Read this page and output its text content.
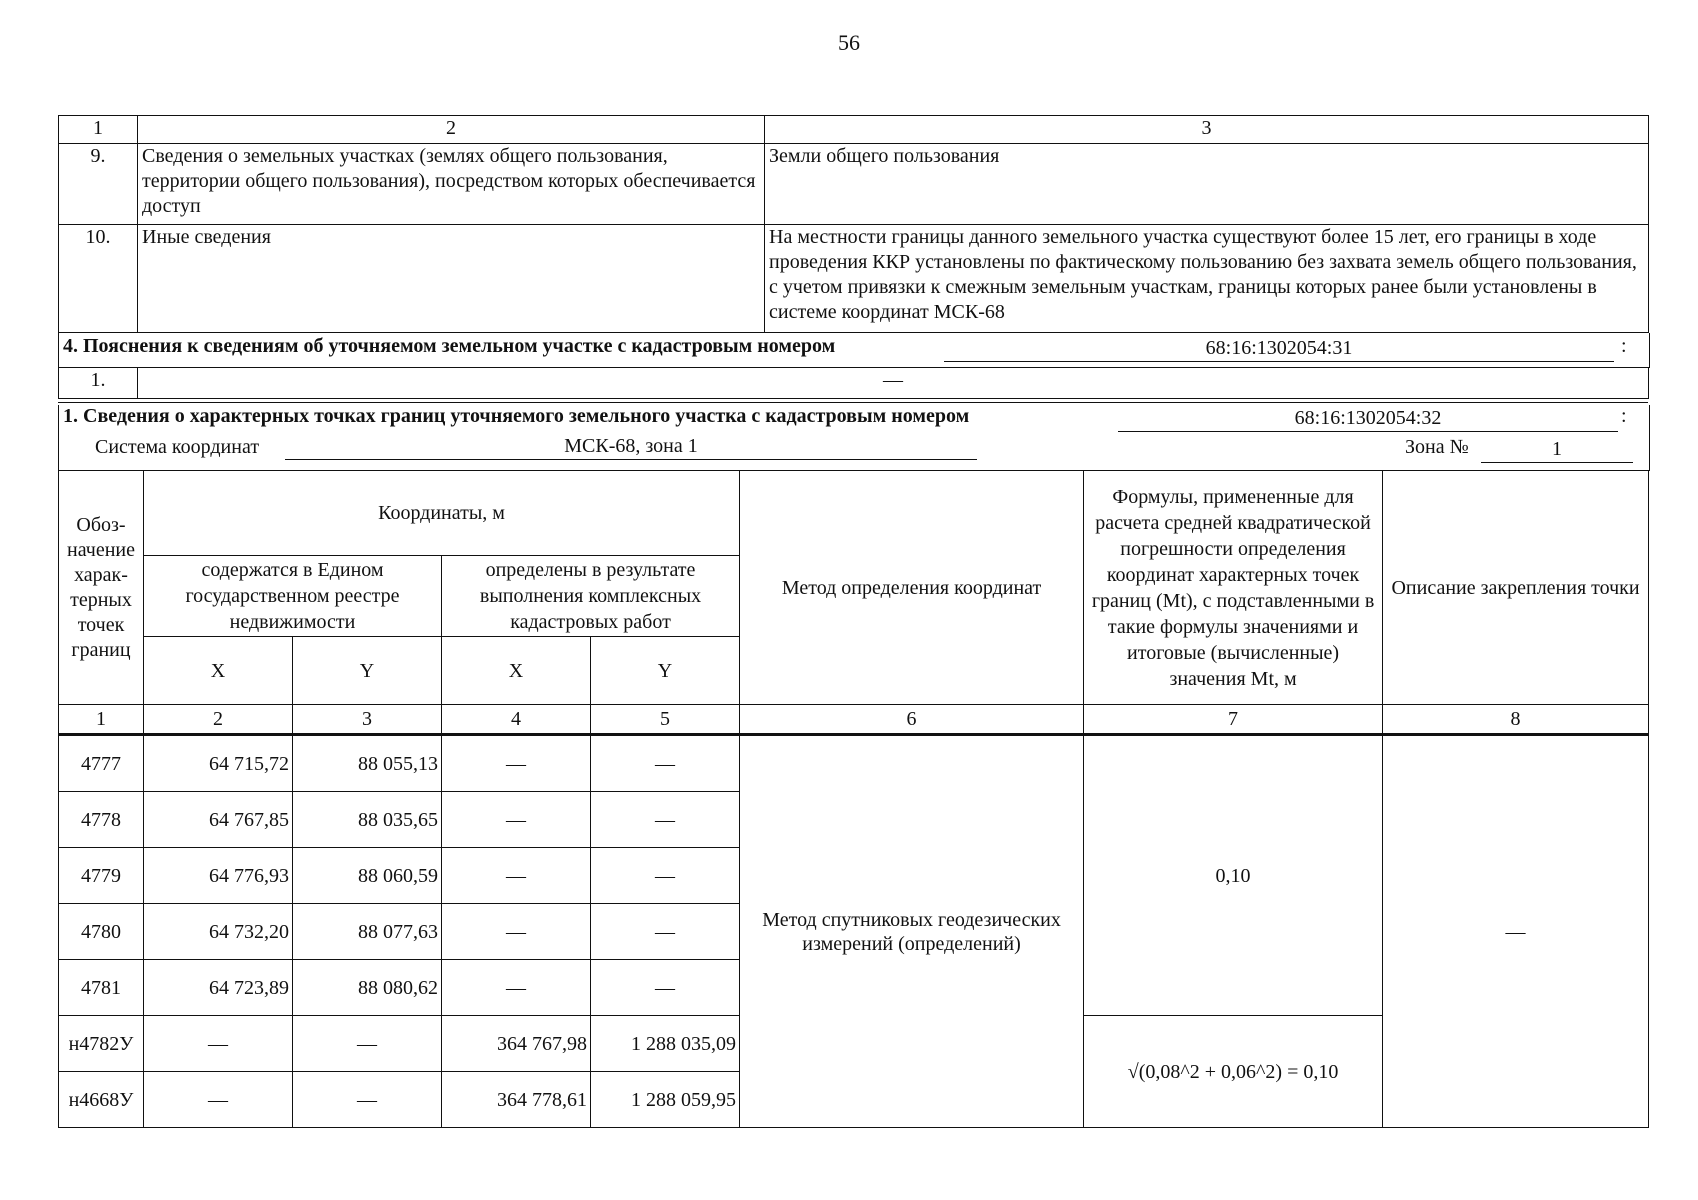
56
1	2	3
9.	Сведения о земельных участках (землях общего пользования, территории общего пользования), посредством которых обеспечивается доступ	Земли общего пользования
10.	Иные сведения	На местности границы данного земельного участка существуют более 15 лет, его границы в ходе проведения ККР установлены по фактическому пользованию без захвата земель общего пользования, с учетом привязки к смежным земельным участкам, границы которых ранее были установлены в системе координат МСК-68
4. Пояснения к сведениям об уточняемом земельном участке с кадастровым номером	68:16:1302054:31	:
1.	—
1. Сведения о характерных точках границ уточняемого земельного участка с кадастровым номером	68:16:1302054:32	:
Система координат	МСК-68, зона 1	Зона №	1
Обоз-начение харак-терных точек границ	Координаты, м				Метод определения координат	Формулы, примененные для расчета средней квадратической погрешности определения координат характерных точек границ (Mt), с подставленными в такие формулы значениями и итоговые (вычисленные) значения Mt, м	Описание закрепления точки
	содержатся в Едином государственном реестре недвижимости		определены в результате выполнения комплексных кадастровых работ				
	X	Y	X	Y			
1	2	3	4	5	6	7	8
4777	64 715,72	88 055,13	—	—	Метод спутниковых геодезических измерений (определений)	0,10	—
4778	64 767,85	88 035,65	—	—			
4779	64 776,93	88 060,59	—	—			
4780	64 732,20	88 077,63	—	—			
4781	64 723,89	88 080,62	—	—			
н4782У	—	—	364 767,98	1 288 035,09		√(0,08^2 + 0,06^2) = 0,10	
н4668У	—	—	364 778,61	1 288 059,95			
